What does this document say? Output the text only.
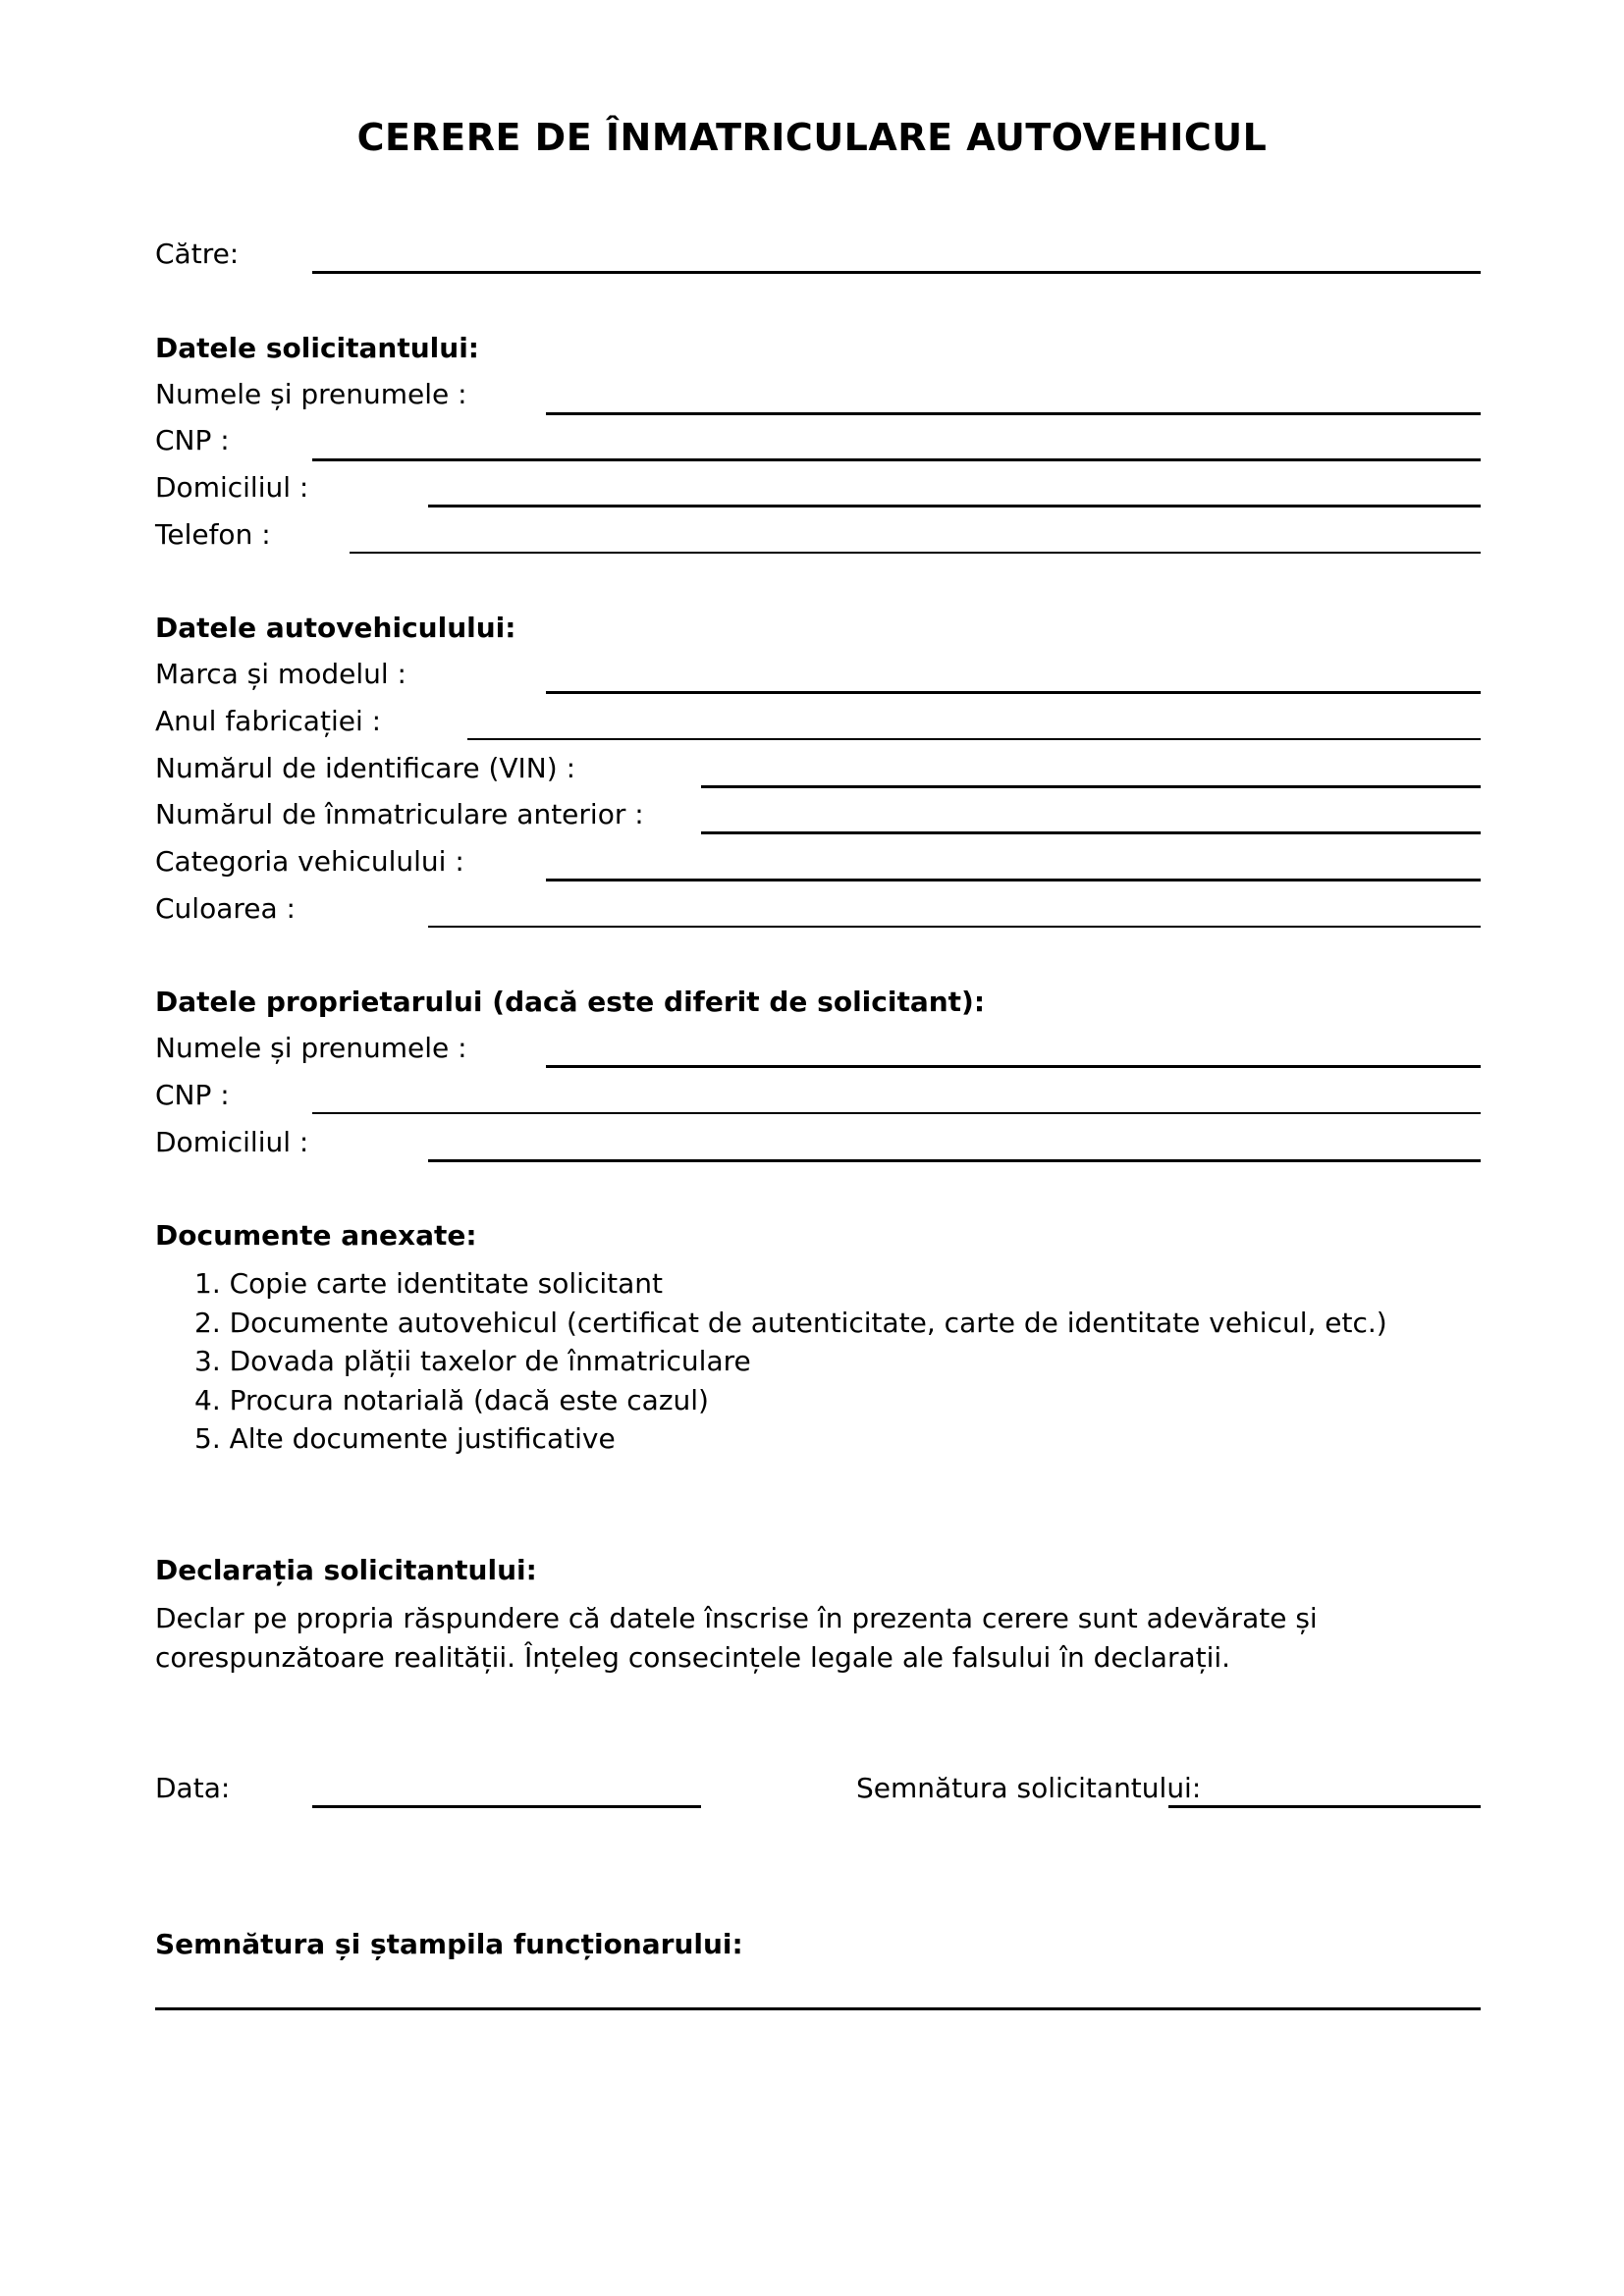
CERERE DE ÎNMATRICULARE AUTOVEHICUL
Către:
Datele solicitantului:
Numele și prenumele :
CNP :
Domiciliul :
Telefon :
Datele autovehiculului:
Marca și modelul :
Anul fabricației :
Numărul de identificare (VIN) :
Numărul de înmatriculare anterior :
Categoria vehiculului :
Culoarea :
Datele proprietarului (dacă este diferit de solicitant):
Numele și prenumele :
CNP :
Domiciliul :
Documente anexate:
1. Copie carte identitate solicitant
2. Documente autovehicul (certificat de autenticitate, carte de identitate vehicul, etc.)
3. Dovada plății taxelor de înmatriculare
4. Procura notarială (dacă este cazul)
5. Alte documente justificative
Declarația solicitantului:
Declar pe propria răspundere că datele înscrise în prezenta cerere sunt adevărate și
corespunzătoare realității. Înțeleg consecințele legale ale falsului în declarații.
Data:	Semnătura solicitantului:
Semnătura și ștampila funcționarului:
